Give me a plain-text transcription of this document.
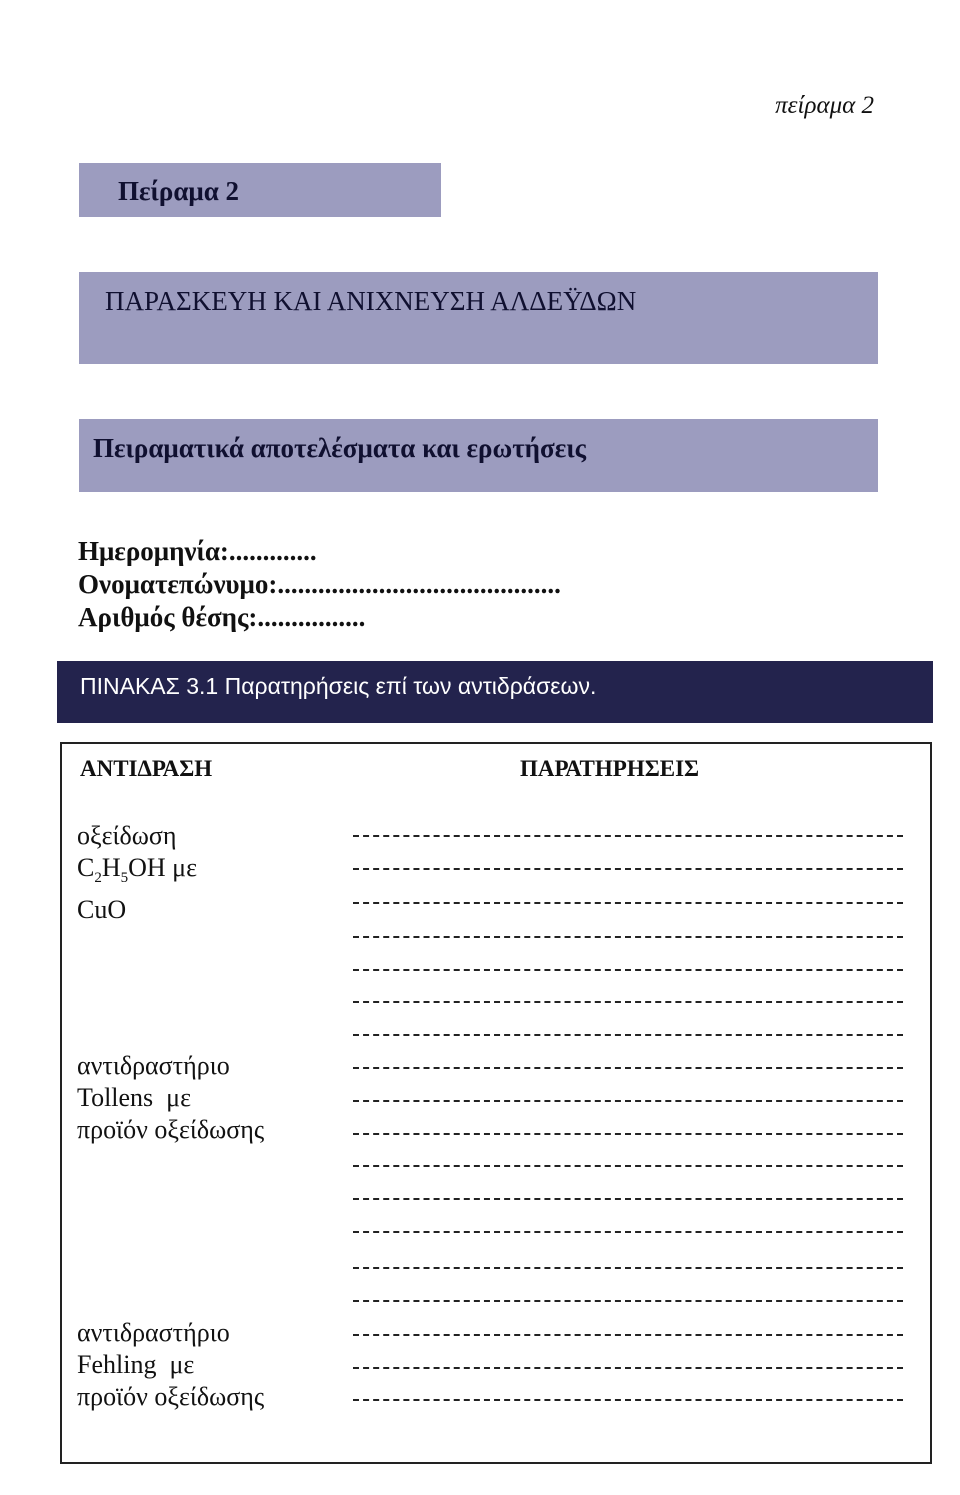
πείραμα 2
Πείραμα 2
ΠΑΡΑΣΚΕΥΗ ΚΑΙ ΑΝΙΧΝΕΥΣΗ ΑΛΔΕΫΔΩΝ
Πειραματικά αποτελέσματα και ερωτήσεις
Ημερομηνία:.............
Ονοματεπώνυμο:..........................................
Αριθμός θέσης:................
ΠΙΝΑΚΑΣ 3.1 Παρατηρήσεις επί των αντιδράσεων.
ΑΝΤΙΔΡΑΣΗ	ΠΑΡΑΤΗΡΗΣΕΙΣ
οξείδωση
$C_2H_5OH$ με
CuO
αντιδραστήριο
Tollens  με
προϊόν οξείδωσης
αντιδραστήριο
Fehling  με
προϊόν οξείδωσης
